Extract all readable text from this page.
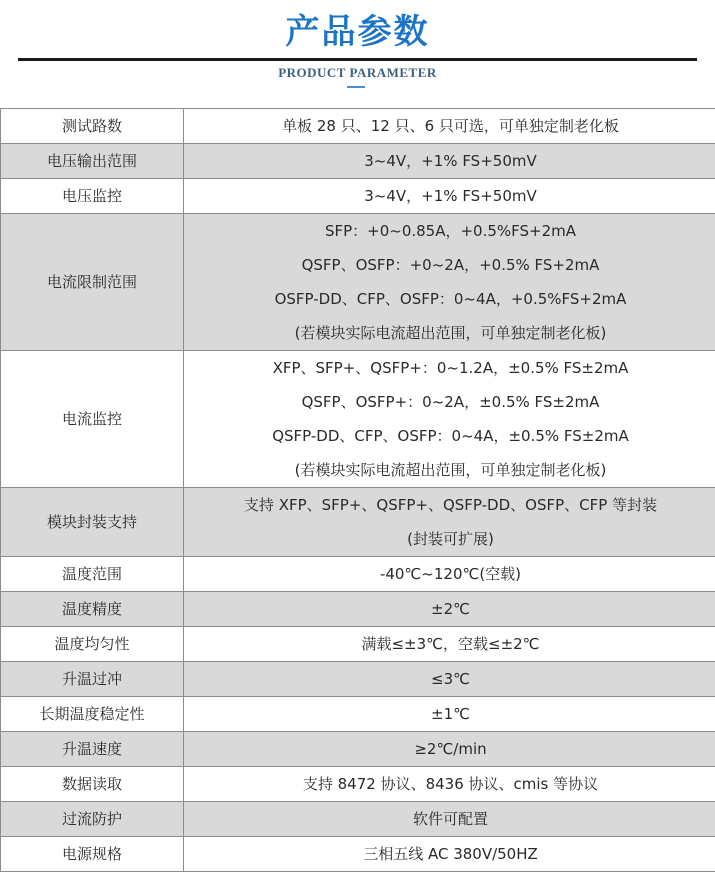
产品参数
PRODUCT PARAMETER
测试路数	单板 28 只、12 只、6 只可选，可单独定制老化板

电压输出范围	3~4V，+1% FS+50mV

电压监控	3~4V，+1% FS+50mV

电流限制范围	SFP：+0~0.85A，+0.5%FS+2mA
QSFP、OSFP：+0~2A，+0.5% FS+2mA
OSFP-DD、CFP、OSFP：0~4A，+0.5%FS+2mA
(若模块实际电流超出范围，可单独定制老化板)

电流监控	XFP、SFP+、QSFP+：0~1.2A，±0.5% FS±2mA
QSFP、OSFP+：0~2A，±0.5% FS±2mA
QSFP-DD、CFP、OSFP：0~4A，±0.5% FS±2mA
(若模块实际电流超出范围，可单独定制老化板)

模块封装支持	支持 XFP、SFP+、QSFP+、QSFP-DD、OSFP、CFP 等封装
(封装可扩展)

温度范围	-40℃~120℃(空载)

温度精度	±2℃

温度均匀性	满载≤±3℃，空载≤±2℃

升温过冲	≤3℃

长期温度稳定性	±1℃

升温速度	≥2℃/min

数据读取	支持 8472 协议、8436 协议、cmis 等协议

过流防护	软件可配置

电源规格	三相五线 AC 380V/50HZ
